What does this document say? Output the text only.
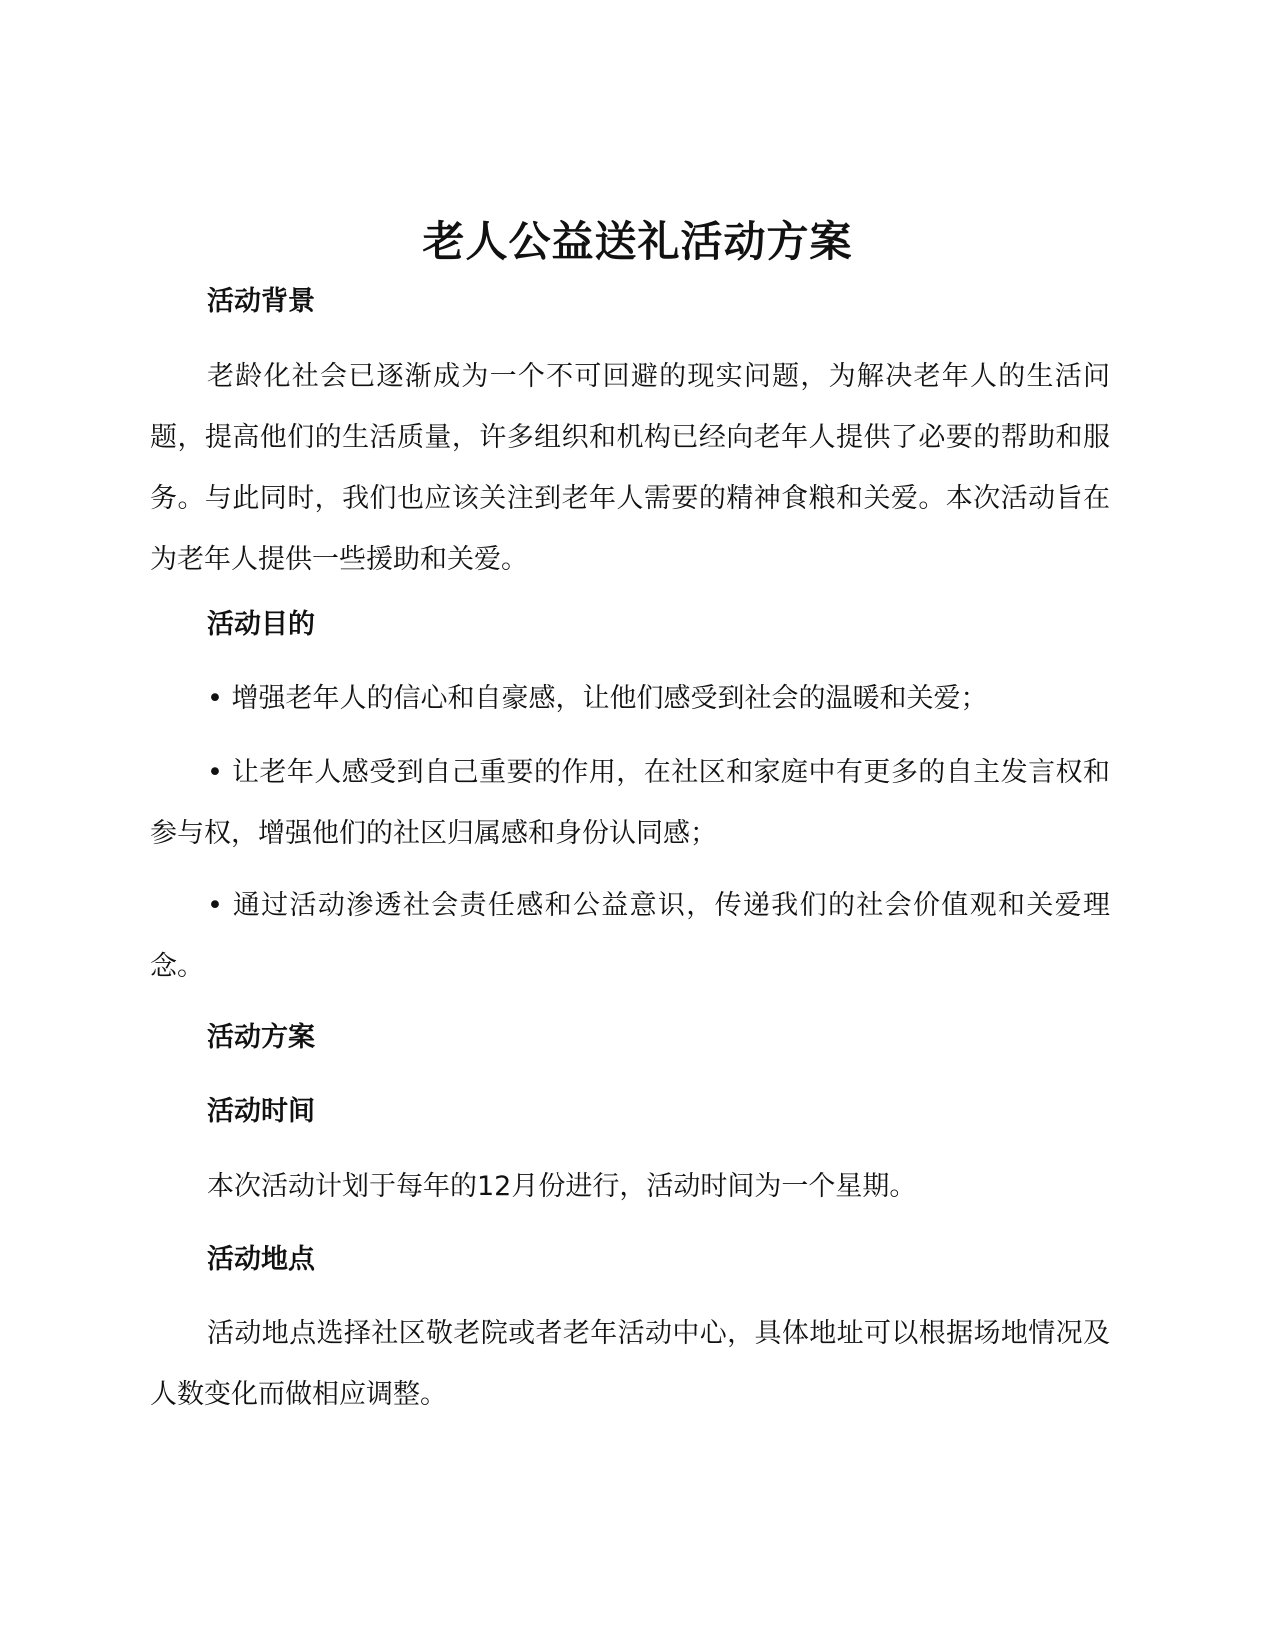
老人公益送礼活动方案
活动背景
老龄化社会已逐渐成为一个不可回避的现实问题，为解决老年人的生活问题，提高他们的生活质量，许多组织和机构已经向老年人提供了必要的帮助和服务。与此同时，我们也应该关注到老年人需要的精神食粮和关爱。本次活动旨在为老年人提供一些援助和关爱。
活动目的
• 增强老年人的信心和自豪感，让他们感受到社会的温暖和关爱；
• 让老年人感受到自己重要的作用，在社区和家庭中有更多的自主发言权和参与权，增强他们的社区归属感和身份认同感；
• 通过活动渗透社会责任感和公益意识，传递我们的社会价值观和关爱理念。
活动方案
活动时间
本次活动计划于每年的12月份进行，活动时间为一个星期。
活动地点
活动地点选择社区敬老院或者老年活动中心，具体地址可以根据场地情况及人数变化而做相应调整。
